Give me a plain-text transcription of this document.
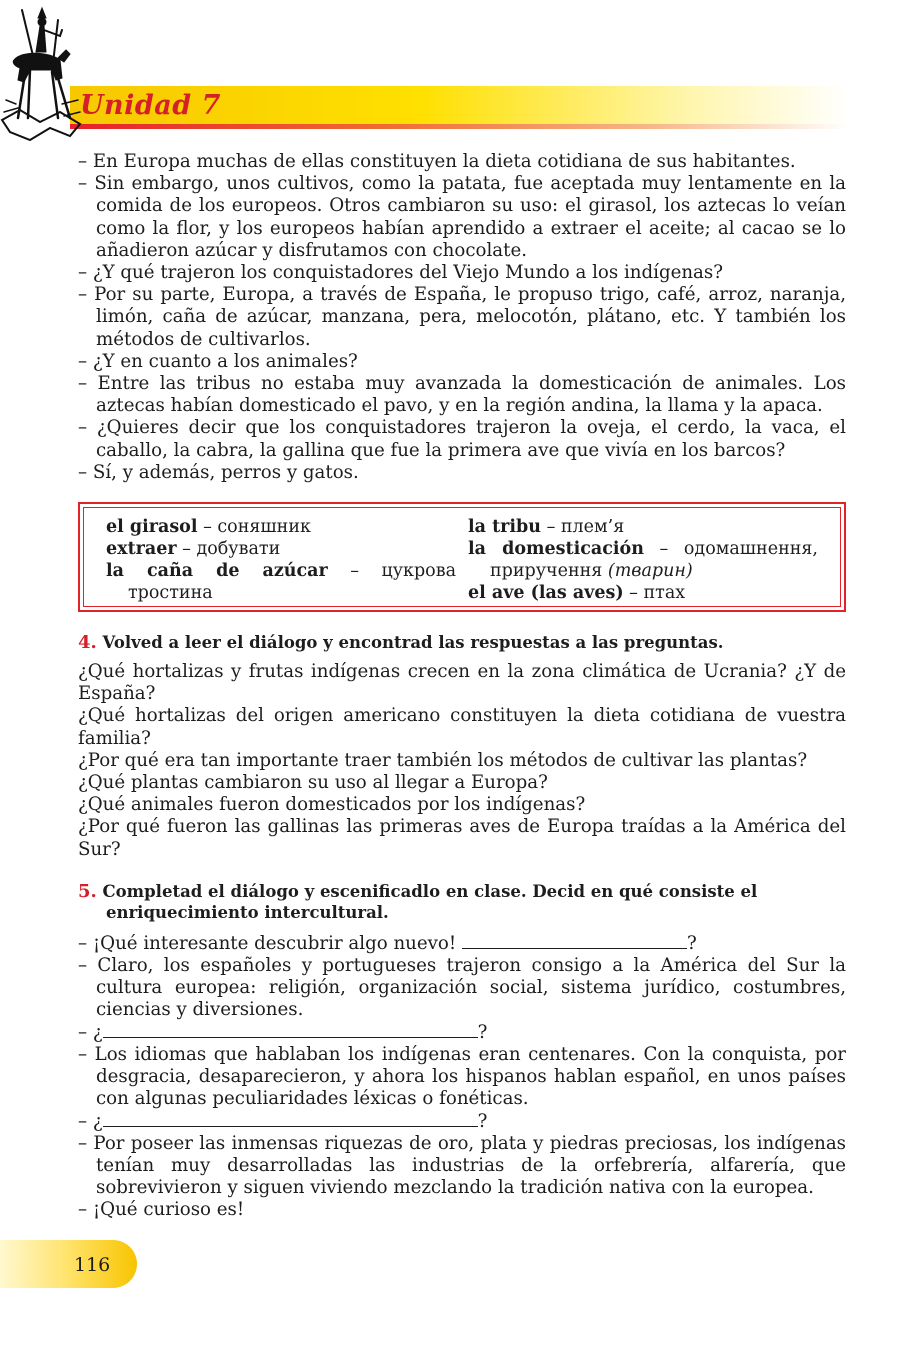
Unidad 7

– En Europa muchas de ellas constituyen la dieta cotidiana de sus habitantes.

– Sin embargo, unos cultivos, como la patata, fue aceptada muy lentamente en la comida de los europeos. Otros cambiaron su uso: el girasol, los aztecas lo veían como la flor, y los europeos habían aprendido a extraer el aceite; al cacao se lo añadieron azúcar y disfrutamos con chocolate.

– ¿Y qué trajeron los conquistadores del Viejo Mundo a los indígenas?

– Por su parte, Europa, a través de España, le propuso trigo, café, arroz, naranja, limón, caña de azúcar, manzana, pera, melocotón, plátano, etc. Y también los métodos de cultivarlos.

– ¿Y en cuanto a los animales?

– Entre las tribus no estaba muy avanzada la domesticación de animales. Los aztecas habían domesticado el pavo, y en la región andina, la llama y la apaca.

– ¿Quieres decir que los conquistadores trajeron la oveja, el cerdo, la vaca, el caballo, la cabra, la gallina que fue la primera ave que vivía en los barcos?

– Sí, y además, perros y gatos.

el girasol – соняшник

extraer – добувати

la caña de azúcar – цукрова тростина

la tribu – плем’я

la domesticación – одомашнення, приручення (тварин)

el ave (las aves) – птах

4. Volved a leer el diálogo y encontrad las respuestas a las preguntas.

¿Qué hortalizas y frutas indígenas crecen en la zona climática de Ucrania? ¿Y de España?

¿Qué hortalizas del origen americano constituyen la dieta cotidiana de vuestra familia?

¿Por qué era tan importante traer también los métodos de cultivar las plantas?

¿Qué plantas cambiaron su uso al llegar a Europa?

¿Qué animales fueron domesticados por los indígenas?

¿Por qué fueron las gallinas las primeras aves de Europa traídas a la América del Sur?

5. Completad el diálogo y escenificadlo en clase. Decid en qué consiste el enriquecimiento intercultural.

– ¡Qué interesante descubrir algo nuevo!	?

– Claro, los españoles y portugueses trajeron consigo a la América del Sur la cultura europea: religión, organización social, sistema jurídico, costumbres, ciencias y diversiones.

– ¿	?

– Los idiomas que hablaban los indígenas eran centenares. Con la conquista, por desgracia, desaparecieron, y ahora los hispanos hablan español, en unos países con algunas peculiaridades léxicas o fonéticas.

– ¿	?

– Por poseer las inmensas riquezas de oro, plata y piedras preciosas, los indígenas tenían muy desarrolladas las industrias de la orfebrería, alfarería, que sobrevivieron y siguen viviendo mezclando la tradición nativa con la europea.

– ¡Qué curioso es!

116
